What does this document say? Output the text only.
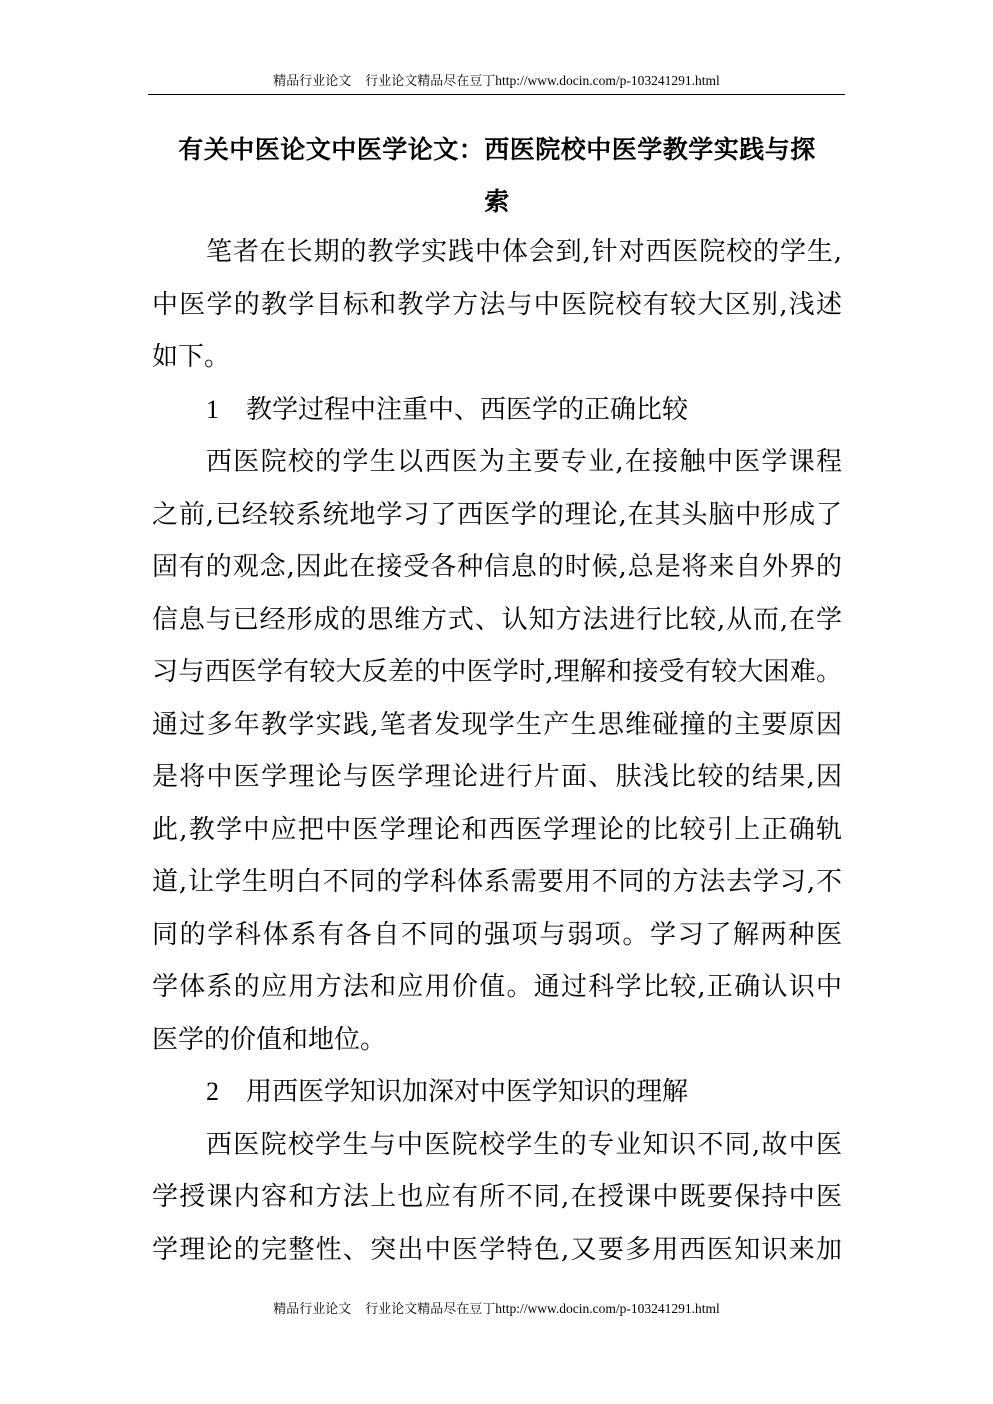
精品行业论文 行业论文精品尽在豆丁http://www.docin.com/p-103241291.html
有关中医论文中医学论文：西医院校中医学教学实践与探
索
笔者在长期的教学实践中体会到,针对西医院校的学生,
中医学的教学目标和教学方法与中医院校有较大区别,浅述
如下。
1 教学过程中注重中、西医学的正确比较
西医院校的学生以西医为主要专业,在接触中医学课程
之前,已经较系统地学习了西医学的理论,在其头脑中形成了
固有的观念,因此在接受各种信息的时候,总是将来自外界的
信息与已经形成的思维方式、认知方法进行比较,从而,在学
习与西医学有较大反差的中医学时,理解和接受有较大困难。
通过多年教学实践,笔者发现学生产生思维碰撞的主要原因
是将中医学理论与医学理论进行片面、肤浅比较的结果,因
此,教学中应把中医学理论和西医学理论的比较引上正确轨
道,让学生明白不同的学科体系需要用不同的方法去学习,不
同的学科体系有各自不同的强项与弱项。学习了解两种医
学体系的应用方法和应用价值。通过科学比较,正确认识中
医学的价值和地位。
2 用西医学知识加深对中医学知识的理解
西医院校学生与中医院校学生的专业知识不同,故中医
学授课内容和方法上也应有所不同,在授课中既要保持中医
学理论的完整性、突出中医学特色,又要多用西医知识来加
精品行业论文 行业论文精品尽在豆丁http://www.docin.com/p-103241291.html
